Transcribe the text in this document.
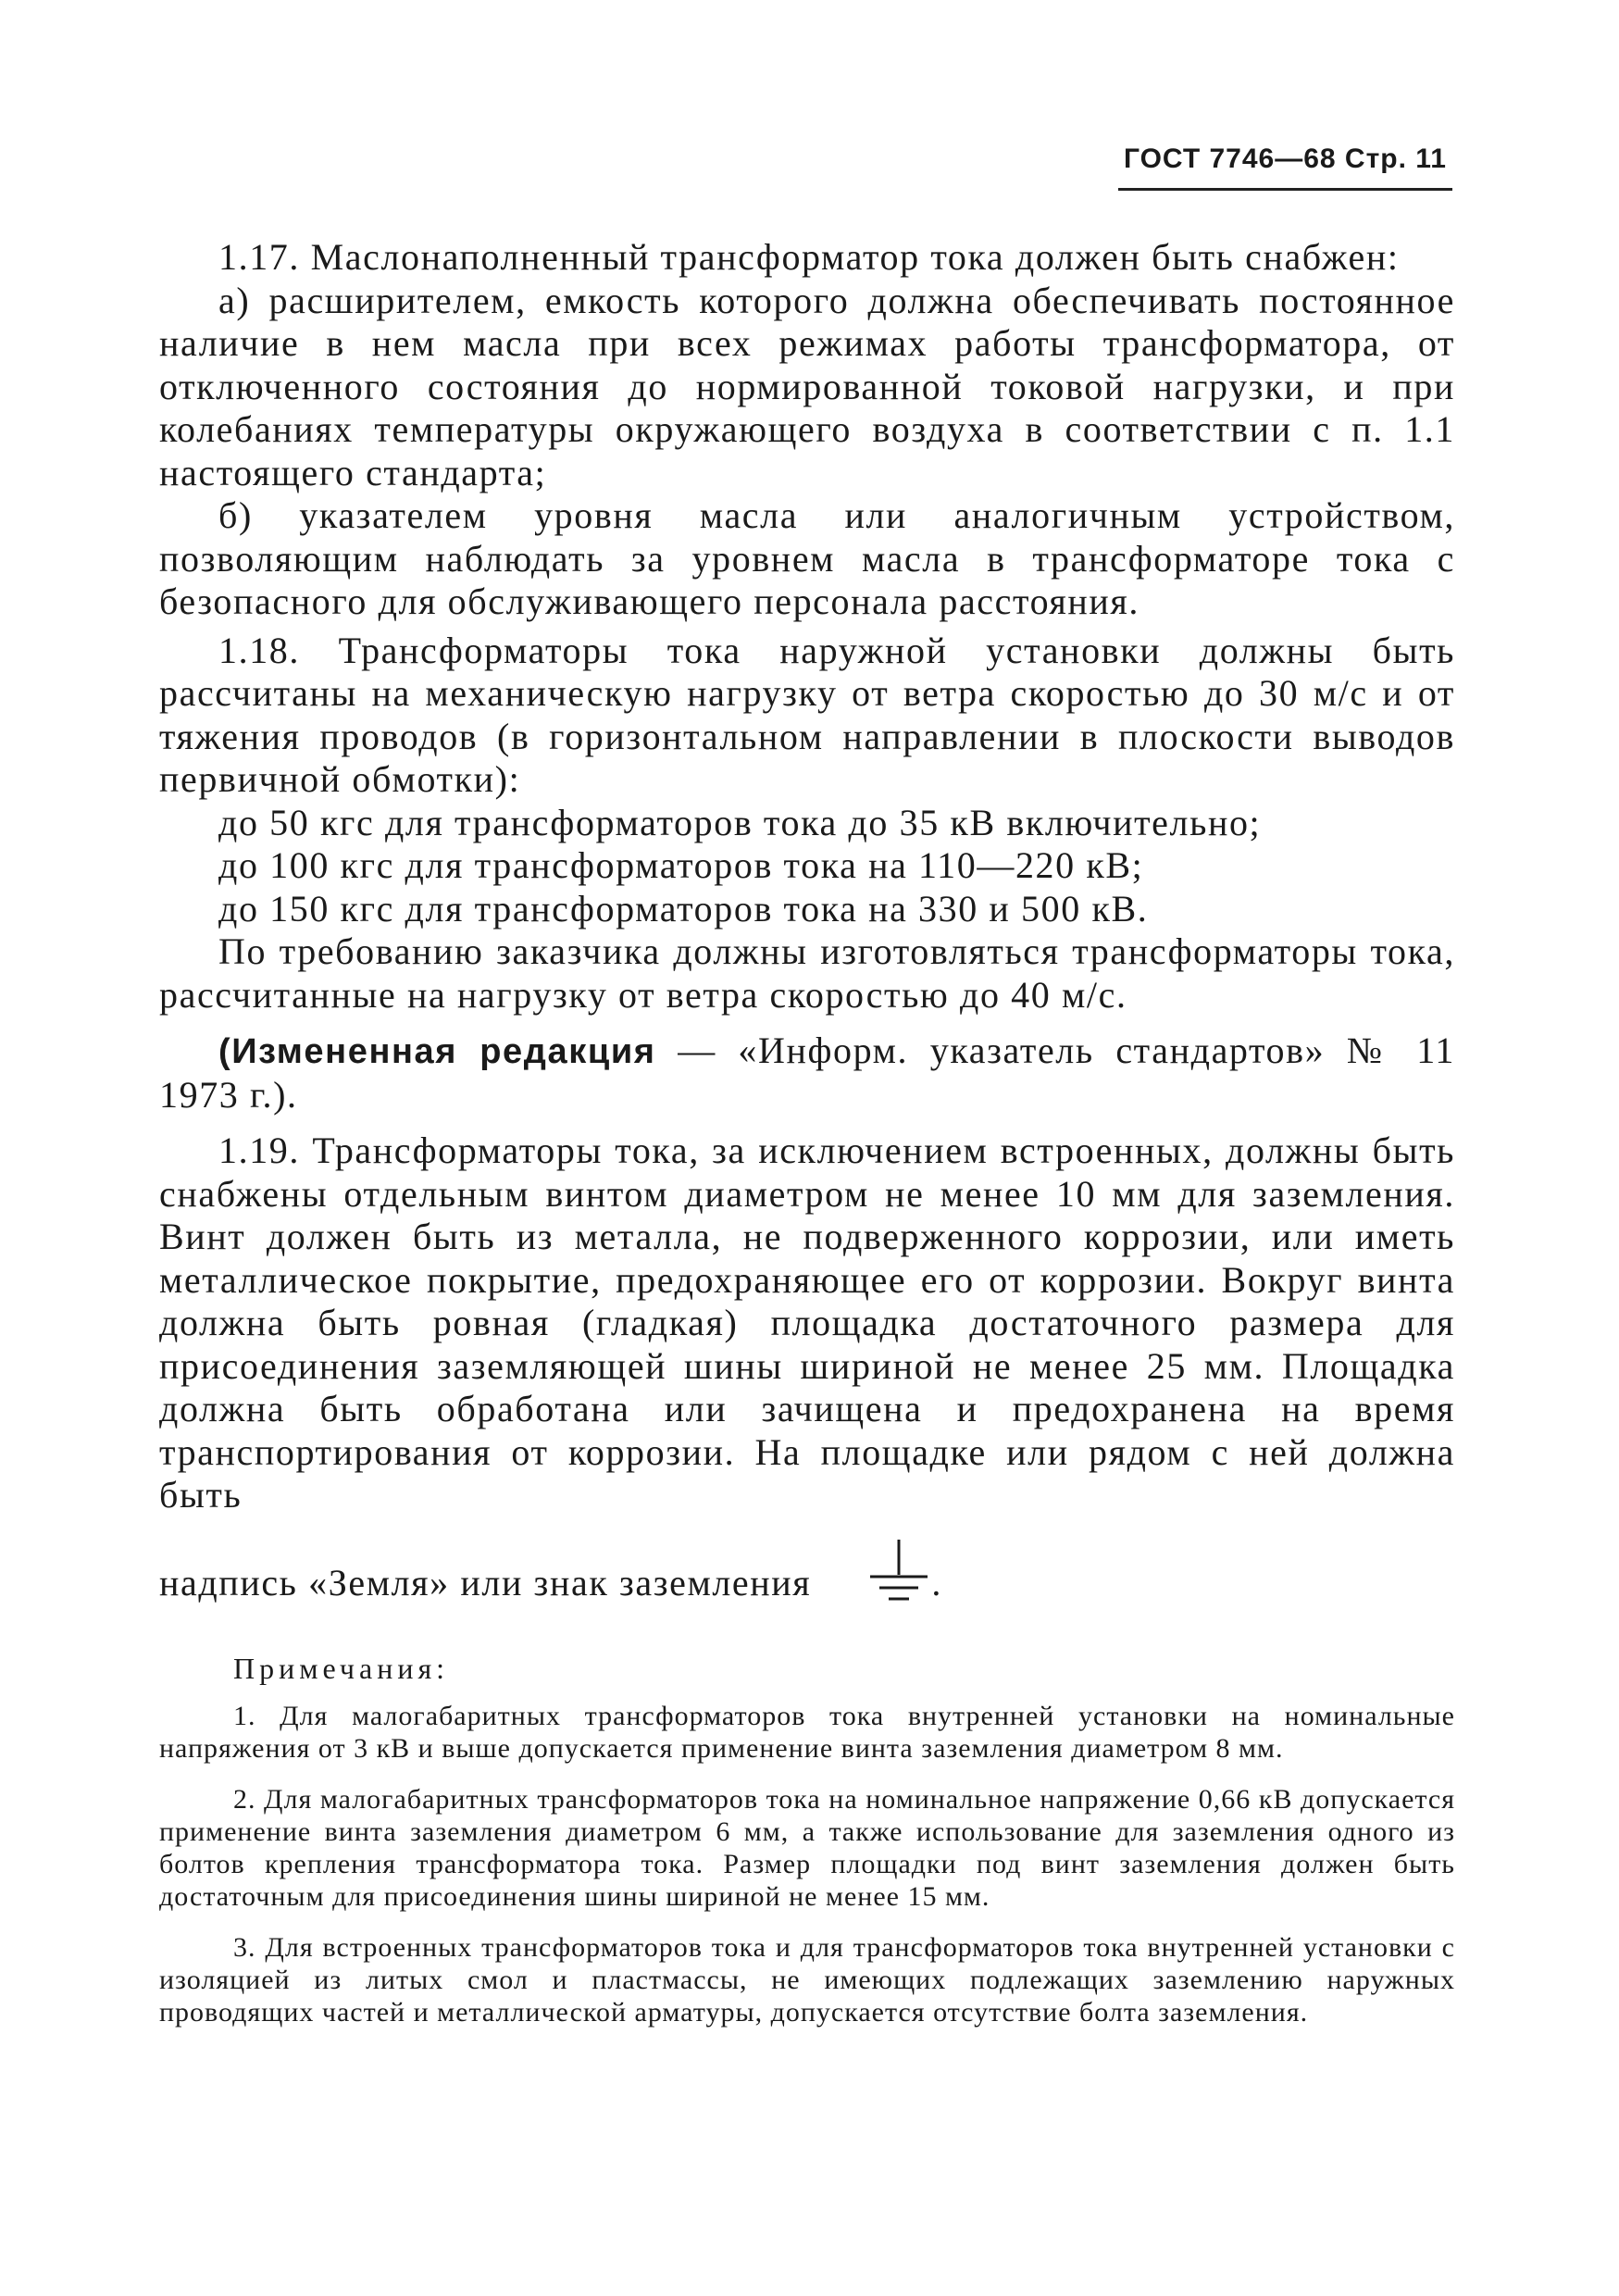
ГОСТ 7746—68 Стр. 11

1.17. Маслонаполненный трансформатор тока должен быть снабжен:

а) расширителем, емкость которого должна обеспечивать постоянное наличие в нем масла при всех режимах работы трансформатора, от отключенного состояния до нормированной токовой нагрузки, и при колебаниях температуры окружающего воздуха в соответствии с п. 1.1 настоящего стандарта;

б) указателем уровня масла или аналогичным устройством, позволяющим наблюдать за уровнем масла в трансформаторе тока с безопасного для обслуживающего персонала расстояния.

1.18. Трансформаторы тока наружной установки должны быть рассчитаны на механическую нагрузку от ветра скоростью до 30 м/с и от тяжения проводов (в горизонтальном направлении в плоскости выводов первичной обмотки):

до 50 кгс для трансформаторов тока до 35 кВ включительно;

до 100 кгс для трансформаторов тока на 110—220 кВ;

до 150 кгс для трансформаторов тока на 330 и 500 кВ.

По требованию заказчика должны изготовляться трансформаторы тока, рассчитанные на нагрузку от ветра скоростью до 40 м/с.

(Измененная редакция — «Информ. указатель стандартов» № 11 1973 г.).

1.19. Трансформаторы тока, за исключением встроенных, должны быть снабжены отдельным винтом диаметром не менее 10 мм для заземления. Винт должен быть из металла, не подверженного коррозии, или иметь металлическое покрытие, предохраняющее его от коррозии. Вокруг винта должна быть ровная (гладкая) площадка достаточного размера для присоединения заземляющей шины шириной не менее 25 мм. Площадка должна быть обработана или зачищена и предохранена на время транспортирования от коррозии. На площадке или рядом с ней должна быть

надпись «Земля» или знак заземления	.

Примечания:

1. Для малогабаритных трансформаторов тока внутренней установки на номинальные напряжения от 3 кВ и выше допускается применение винта заземления диаметром 8 мм.

2. Для малогабаритных трансформаторов тока на номинальное напряжение 0,66 кВ допускается применение винта заземления диаметром 6 мм, а также использование для заземления одного из болтов крепления трансформатора тока. Размер площадки под винт заземления должен быть достаточным для присоединения шины шириной не менее 15 мм.

3. Для встроенных трансформаторов тока и для трансформаторов тока внутренней установки с изоляцией из литых смол и пластмассы, не имеющих подлежащих заземлению наружных проводящих частей и металлической арматуры, допускается отсутствие болта заземления.
